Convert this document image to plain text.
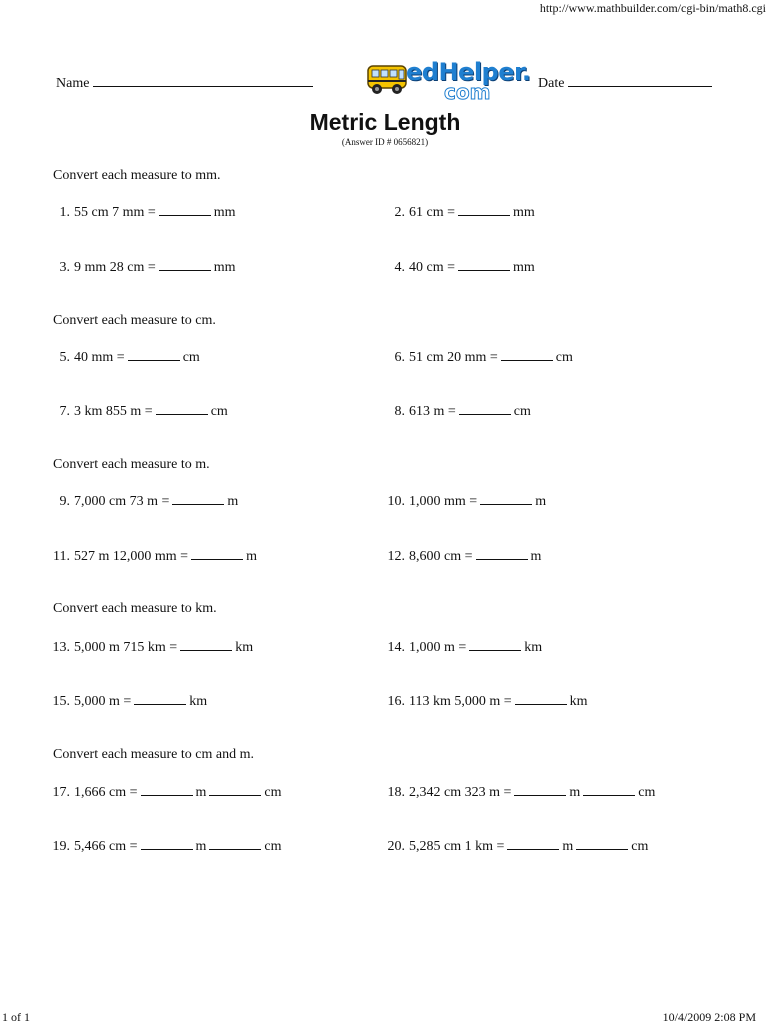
http://www.mathbuilder.com/cgi-bin/math8.cgi
Name	edHelper.
com	Date
Metric Length
(Answer ID # 0656821)
Convert each measure to mm.
Convert each measure to cm.
Convert each measure to m.
Convert each measure to km.
Convert each measure to cm and m.
1. 55 cm 7 mm =	mm	2. 61 cm =	mm
3. 9 mm 28 cm =	mm	4. 40 cm =	mm
5. 40 mm =	cm	6. 51 cm 20 mm =	cm
7. 3 km 855 m =	cm	8. 613 m =	cm
9. 7,000 cm 73 m =	m	10. 1,000 mm =	m
11. 527 m 12,000 mm =	m	12. 8,600 cm =	m
13. 5,000 m 715 km =	km	14. 1,000 m =	km
15. 5,000 m =	km	16. 113 km 5,000 m =	km
17. 1,666 cm =	m	cm	18. 2,342 cm 323 m =	m	cm
19. 5,466 cm =	m	cm	20. 5,285 cm 1 km =	m	cm
1 of 1	10/4/2009 2:08 PM
